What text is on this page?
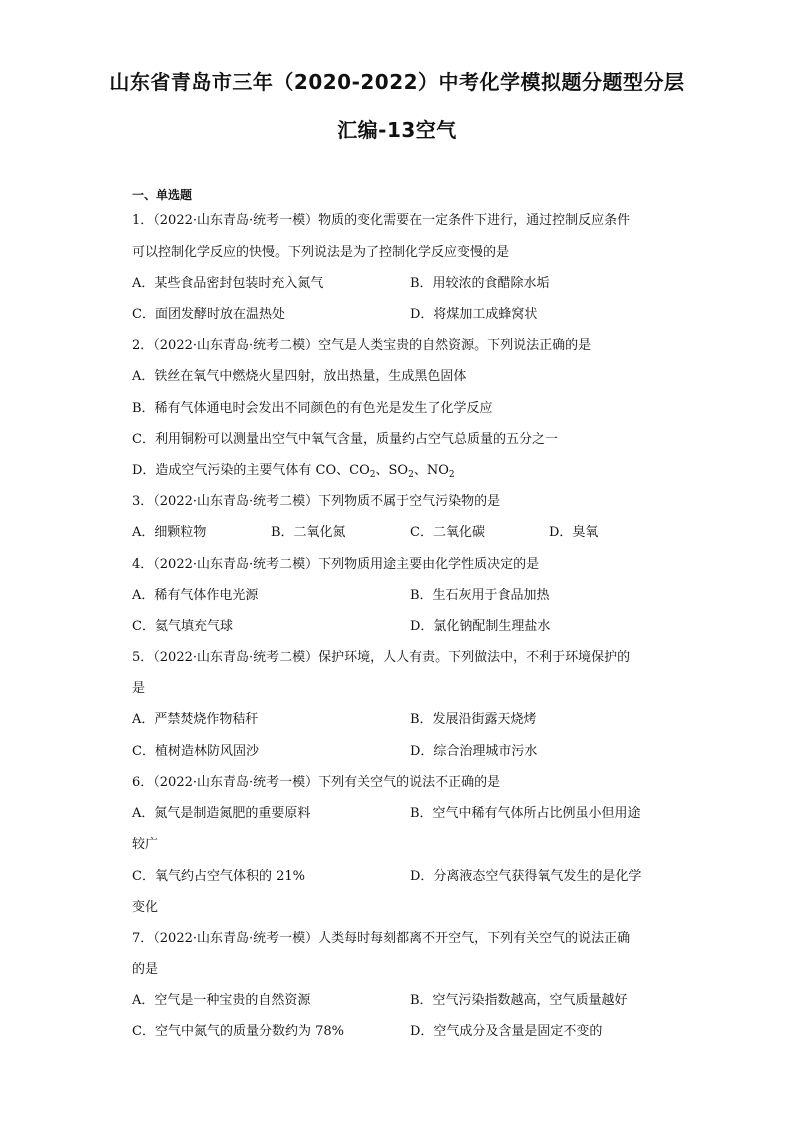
山东省青岛市三年（2020-2022）中考化学模拟题分题型分层
汇编-13空气
一、单选题
1．（2022·山东青岛·统考一模）物质的变化需要在一定条件下进行，通过控制反应条件
可以控制化学反应的快慢。下列说法是为了控制化学反应变慢的是
A．某些食品密封包装时充入氮气	B．用较浓的食醋除水垢
C．面团发酵时放在温热处	D．将煤加工成蜂窝状
2．（2022·山东青岛·统考二模）空气是人类宝贵的自然资源。下列说法正确的是
A．铁丝在氧气中燃烧火星四射，放出热量，生成黑色固体
B．稀有气体通电时会发出不同颜色的有色光是发生了化学反应
C．利用铜粉可以测量出空气中氧气含量，质量约占空气总质量的五分之一
D．造成空气污染的主要气体有 CO、$CO_2$、$SO_2$、$NO_2$
3．（2022·山东青岛·统考二模）下列物质不属于空气污染物的是
A．细颗粒物	B．二氧化氮	C．二氧化碳	D．臭氧
4．（2022·山东青岛·统考二模）下列物质用途主要由化学性质决定的是
A．稀有气体作电光源	B．生石灰用于食品加热
C．氦气填充气球	D．氯化钠配制生理盐水
5．（2022·山东青岛·统考二模）保护环境，人人有责。下列做法中，不利于环境保护的
是
A．严禁焚烧作物秸秆	B．发展沿街露天烧烤
C．植树造林防风固沙	D．综合治理城市污水
6．（2022·山东青岛·统考一模）下列有关空气的说法不正确的是
A．氮气是制造氮肥的重要原料	B．空气中稀有气体所占比例虽小但用途
较广
C．氧气约占空气体积的 21%	D．分离液态空气获得氧气发生的是化学
变化
7．（2022·山东青岛·统考一模）人类每时每刻都离不开空气，下列有关空气的说法正确
的是
A．空气是一种宝贵的自然资源	B．空气污染指数越高，空气质量越好
C．空气中氮气的质量分数约为 78%	D．空气成分及含量是固定不变的
